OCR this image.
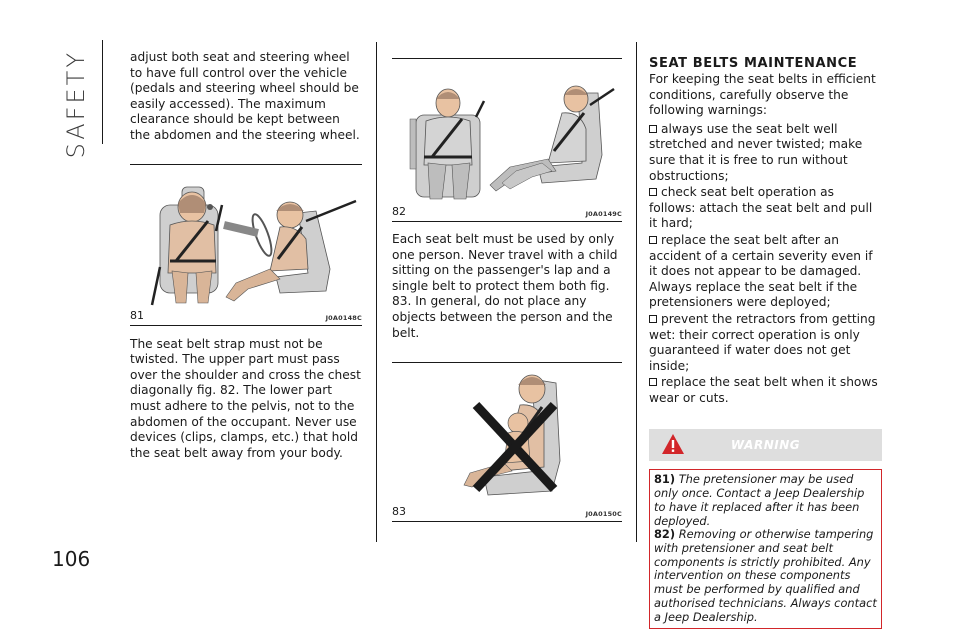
SAFETY
106

adjust both seat and steering wheel to have full control over the vehicle (pedals and steering wheel should be easily accessed). The maximum clearance should be kept between the abdomen and the steering wheel.

81	J0A0148C

The seat belt strap must not be twisted. The upper part must pass over the shoulder and cross the chest diagonally fig. 82. The lower part must adhere to the pelvis, not to the abdomen of the occupant. Never use devices (clips, clamps, etc.) that hold the seat belt away from your body.

82	J0A0149C

Each seat belt must be used by only one person. Never travel with a child sitting on the passenger's lap and a single belt to protect them both fig. 83. In general, do not place any objects between the person and the belt.

83	J0A0150C
SEAT BELTS MAINTENANCE

For keeping the seat belts in efficient conditions, carefully observe the following warnings:

always use the seat belt well stretched and never twisted; make sure that it is free to run without obstructions;

check seat belt operation as follows: attach the seat belt and pull it hard;

replace the seat belt after an accident of a certain severity even if it does not appear to be damaged. Always replace the seat belt if the pretensioners were deployed;

prevent the retractors from getting wet: their correct operation is only guaranteed if water does not get inside;

replace the seat belt when it shows wear or cuts.

WARNING

81) The pretensioner may be used only once. Contact a Jeep Dealership to have it replaced after it has been deployed.

82) Removing or otherwise tampering with pretensioner and seat belt components is strictly prohibited. Any intervention on these components must be performed by qualified and authorised technicians. Always contact a Jeep Dealership.
